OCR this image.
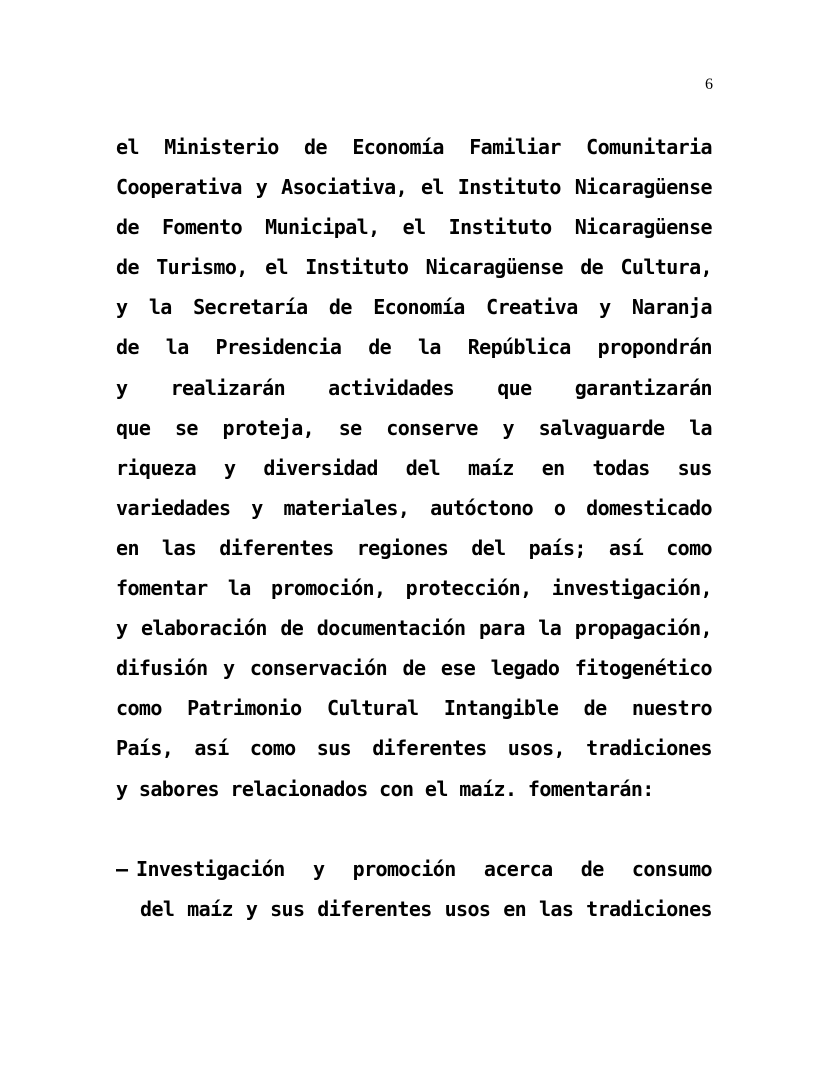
6
el Ministerio de Economía Familiar Comunitaria
Cooperativa y Asociativa, el Instituto Nicaragüense
de Fomento Municipal, el Instituto Nicaragüense
de Turismo, el Instituto Nicaragüense de Cultura,
y la Secretaría de Economía Creativa y Naranja
de la Presidencia de la República propondrán
y realizarán actividades que garantizarán
que se proteja, se conserve y salvaguarde la
riqueza y diversidad del maíz en todas sus
variedades y materiales, autóctono o domesticado
en las diferentes regiones del país; así como
fomentar la promoción, protección, investigación,
y elaboración de documentación para la propagación,
difusión y conservación de ese legado fitogenético
como Patrimonio Cultural Intangible de nuestro
País, así como sus diferentes usos, tradiciones
y sabores relacionados con el maíz. fomentarán:
– Investigación y promoción acerca de consumo
del maíz y sus diferentes usos en las tradiciones
